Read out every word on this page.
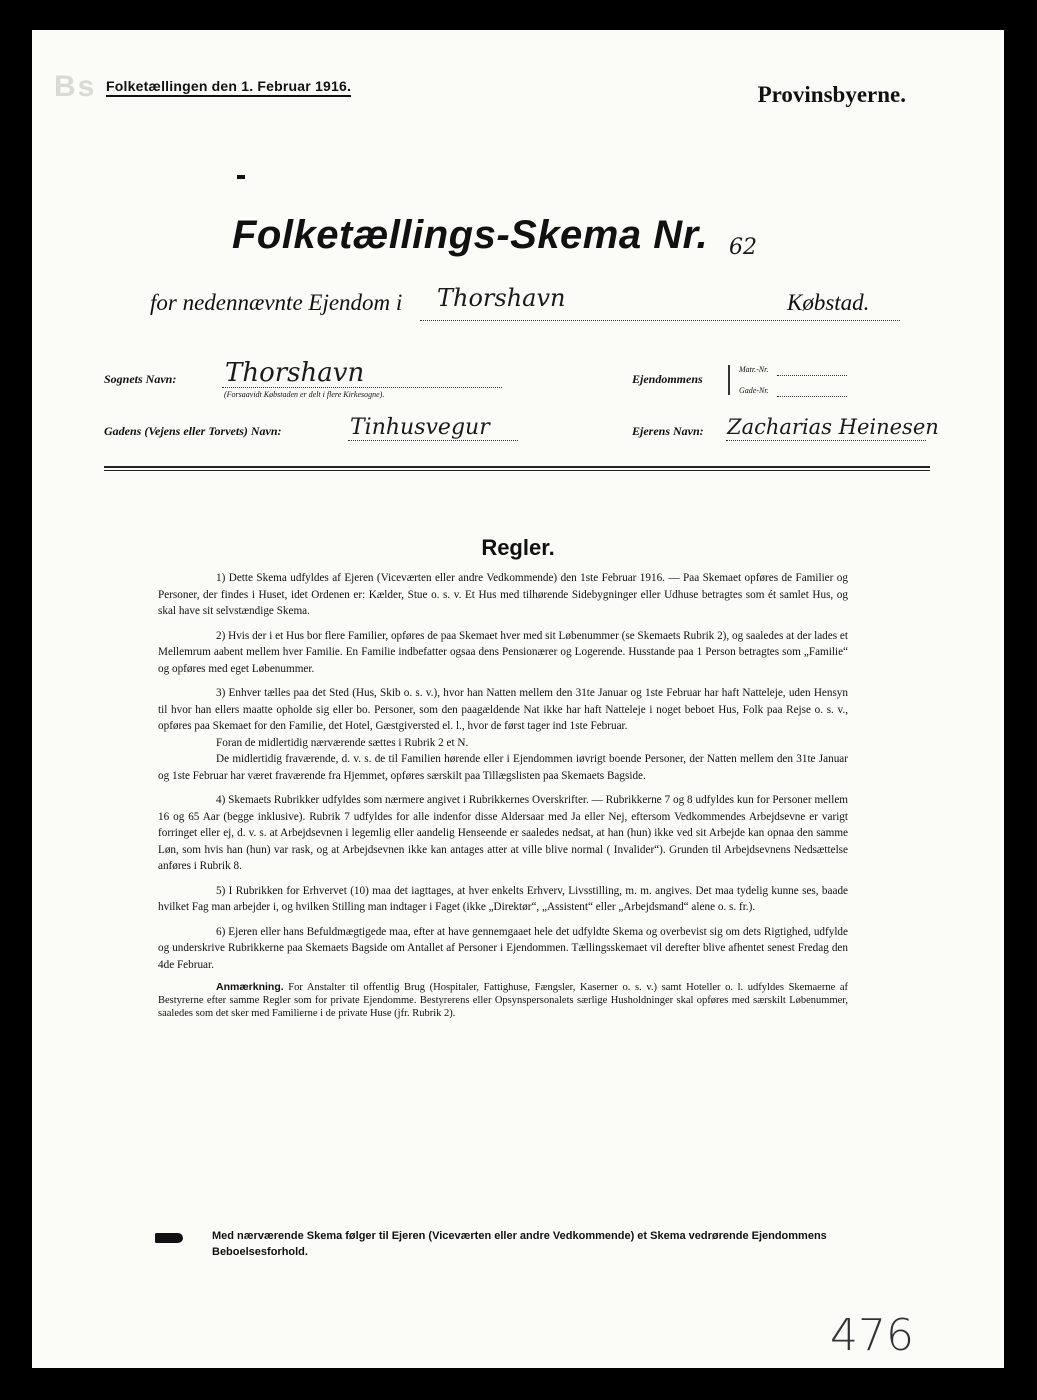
Bs Folketællingen den 1. Februar 1916.	Provinsbyerne.
Folketællings-Skema Nr. 62
for nedennævnte Ejendom i	Thorshavn	Købstad.
Sognets Navn: Thorshavn
(Forsaavidt Købstaden er delt i flere Kirkesogne).
Ejendommens
Matr.-Nr.
Gade-Nr.
Gadens (Vejens eller Torvets) Navn:	Tinhusvegur	Ejerens Navn: Zacharias Heinesen
Regler.

1) Dette Skema udfyldes af Ejeren (Viceværten eller andre Vedkommende) den 1ste Februar 1916. — Paa Skemaet opføres de Familier og Personer, der findes i Huset, idet Ordenen er: Kælder, Stue o. s. v. Et Hus med tilhørende Sidebygninger eller Udhuse betragtes som ét samlet Hus, og skal have sit selvstændige Skema.

2) Hvis der i et Hus bor flere Familier, opføres de paa Skemaet hver med sit Løbenummer (se Skemaets Rubrik 2), og saaledes at der lades et Mellemrum aabent mellem hver Familie. En Familie indbefatter ogsaa dens Pensionærer og Logerende. Husstande paa 1 Person betragtes som „Familie“ og opføres med eget Løbenummer.

3) Enhver tælles paa det Sted (Hus, Skib o. s. v.), hvor han Natten mellem den 31te Januar og 1ste Februar har haft Natteleje, uden Hensyn til hvor han ellers maatte opholde sig eller bo. Personer, som den paagældende Nat ikke har haft Natteleje i noget beboet Hus, Folk paa Rejse o. s. v., opføres paa Skemaet for den Familie, det Hotel, Gæstgiversted el. l., hvor de først tager ind 1ste Februar.
Foran de midlertidig nærværende sættes i Rubrik 2 et N.
De midlertidig fraværende, d. v. s. de til Familien hørende eller i Ejendommen iøvrigt boende Personer, der Natten mellem den 31te Januar og 1ste Februar har været fraværende fra Hjemmet, opføres særskilt paa Tillægslisten paa Skemaets Bagside.

4) Skemaets Rubrikker udfyldes som nærmere angivet i Rubrikkernes Overskrifter. — Rubrikkerne 7 og 8 udfyldes kun for Personer mellem 16 og 65 Aar (begge inklusive). Rubrik 7 udfyldes for alle indenfor disse Aldersaar med Ja eller Nej, eftersom Vedkommendes Arbejdsevne er varigt forringet eller ej, d. v. s. at Arbejdsevnen i legemlig eller aandelig Henseende er saaledes nedsat, at han (hun) ikke ved sit Arbejde kan opnaa den samme Løn, som hvis han (hun) var rask, og at Arbejdsevnen ikke kan antages atter at ville blive normal ( Invalider“). Grunden til Arbejdsevnens Nedsættelse anføres i Rubrik 8.

5) I Rubrikken for Erhvervet (10) maa det iagttages, at hver enkelts Erhverv, Livsstilling, m. m. angives. Det maa tydelig kunne ses, baade hvilket Fag man arbejder i, og hvilken Stilling man indtager i Faget (ikke „Direktør“, „Assistent“ eller „Arbejdsmand“ alene o. s. fr.).

6) Ejeren eller hans Befuldmægtigede maa, efter at have gennemgaaet hele det udfyldte Skema og overbevist sig om dets Rigtighed, udfylde og underskrive Rubrikkerne paa Skemaets Bagside om Antallet af Personer i Ejendommen. Tællingsskemaet vil derefter blive afhentet senest Fredag den 4de Februar.

Anmærkning. For Anstalter til offentlig Brug (Hospitaler, Fattighuse, Fængsler, Kaserner o. s. v.) samt Hoteller o. l. udfyldes Skemaerne af Bestyrerne efter samme Regler som for private Ejendomme. Bestyrerens eller Opsynspersonalets særlige Husholdninger skal opføres med særskilt Løbenummer, saaledes som det sker med Familierne i de private Huse (jfr. Rubrik 2).

Med nærværende Skema følger til Ejeren (Viceværten eller andre Vedkommende) et Skema vedrørende Ejendommens Beboelsesforhold.
476
